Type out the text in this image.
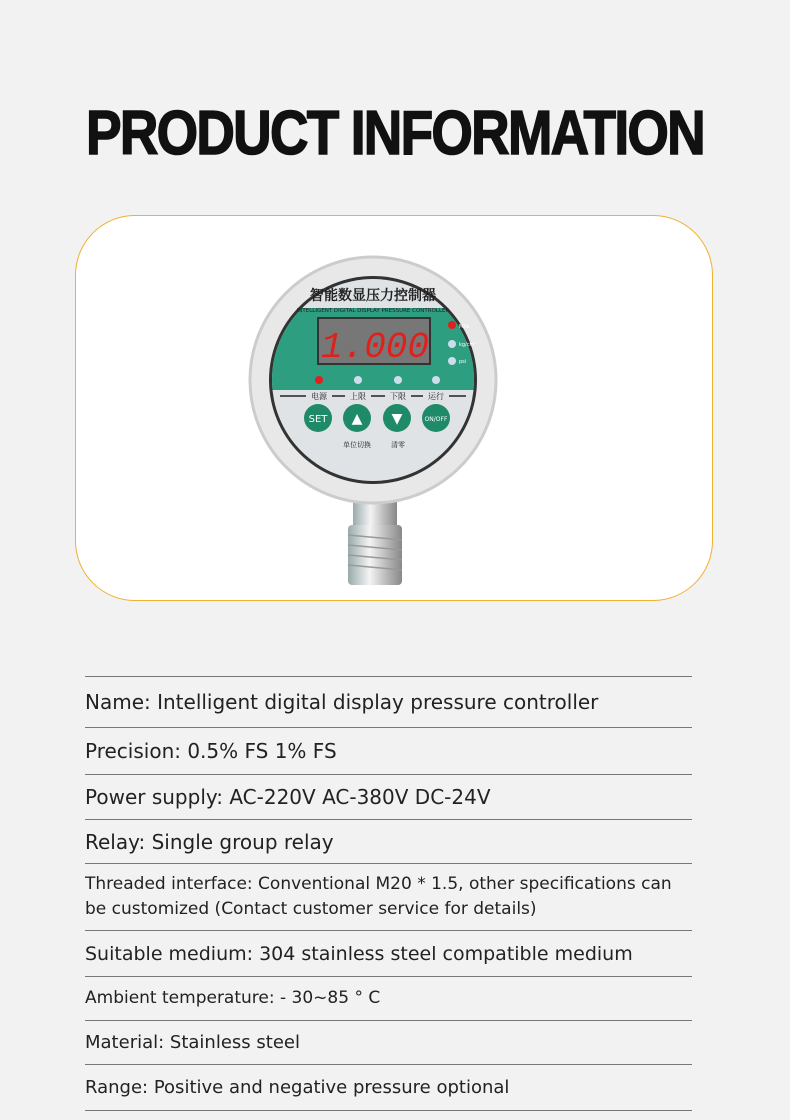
PRODUCT INFORMATION
智能数显压力控制器
INTELLIGENT DIGITAL DISPLAY PRESSURE CONTROLLER
1.000	MPa
kg/cm²
psi
电源	上限	下限	运行
SET ▲ ▼	ON/OFF
单位切换	清零
Name: Intelligent digital display pressure controller
Precision: 0.5% FS 1% FS
Power supply: AC-220V AC-380V DC-24V
Relay: Single group relay
Threaded interface: Conventional M20 * 1.5, other specifications can be customized (Contact customer service for details)
Suitable medium: 304 stainless steel compatible medium
Ambient temperature: - 30~85 ° C
Material: Stainless steel
Range: Positive and negative pressure optional
